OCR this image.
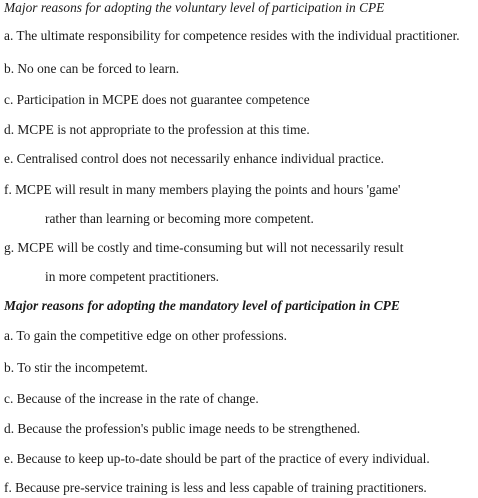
Major reasons for adopting the voluntary level of participation in CPE
a. The ultimate responsibility for competence resides with the individual practitioner.
b. No one can be forced to learn.
c. Participation in MCPE does not guarantee competence
d. MCPE is not appropriate to the profession at this time.
e. Centralised control does not necessarily enhance individual practice.
f. MCPE will result in many members playing the points and hours 'game'
rather than learning or becoming more competent.
g. MCPE will be costly and time-consuming but will not necessarily result
in more competent practitioners.
Major reasons for adopting the mandatory level of participation in CPE
a. To gain the competitive edge on other professions.
b. To stir the incompetemt.
c. Because of the increase in the rate of change.
d. Because the profession's public image needs to be strengthened.
e. Because to keep up-to-date should be part of the practice of every individual.
f. Because pre-service training is less and less capable of training practitioners.
